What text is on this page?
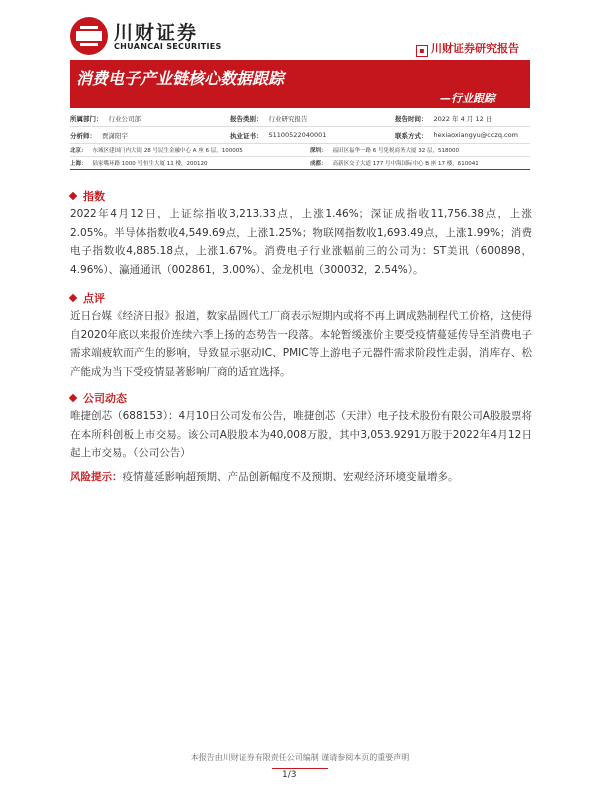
川财证券
CHUANCAI SECURITIES	▪ 川财证券研究报告
消费电子产业链核心数据跟踪
—行业跟踪
所属部门： 行业公司部	报告类别： 行业研究报告	报告时间： 2022 年 4 月 12 日
分析师： 贾潇阳宇	执业证书： S1100522040001	联系方式： hexiaoxiangyu@cczq.com
北京： 东城区建国门内大街 28 号民生金融中心 A 座 6 层，100005	深圳： 福田区福华一路 6 号免税商务大厦 32 层，518000
上海： 陆家嘴环路 1000 号恒生大厦 11 楼，200120	成都： 高新区交子大道 177 号中海国际中心 B 座 17 楼，610041
指数
2022年4月12日，上证综指收3,213.33点，上涨1.46%；深证成指收11,756.38点，上涨2.05%。半导体指数收4,549.69点，上涨1.25%；物联网指数收1,693.49点，上涨1.99%；消费电子指数收4,885.18点，上涨1.67%。消费电子行业涨幅前三的公司为：ST美讯（600898，4.96%）、瀛通通讯（002861，3.00%）、金龙机电（300032，2.54%）。
点评
近日台媒《经济日报》报道，数家晶圆代工厂商表示短期内或将不再上调成熟制程代工价格，这使得自2020年底以来报价连续六季上扬的态势告一段落。本轮暂缓涨价主要受疫情蔓延传导至消费电子需求端疲软而产生的影响，导致显示驱动IC、PMIC等上游电子元器件需求阶段性走弱，消库存、松产能成为当下受疫情显著影响厂商的适宜选择。
公司动态
唯捷创芯（688153）：4月10日公司发布公告，唯捷创芯（天津）电子技术股份有限公司A股股票将在本所科创板上市交易。该公司A股股本为40,008万股，其中3,053.9291万股于2022年4月12日起上市交易。（公司公告）
风险提示：疫情蔓延影响超预期、产品创新幅度不及预期、宏观经济环境变量增多。
本报告由川财证券有限责任公司编制 谨请参阅本页的重要声明
1/3
